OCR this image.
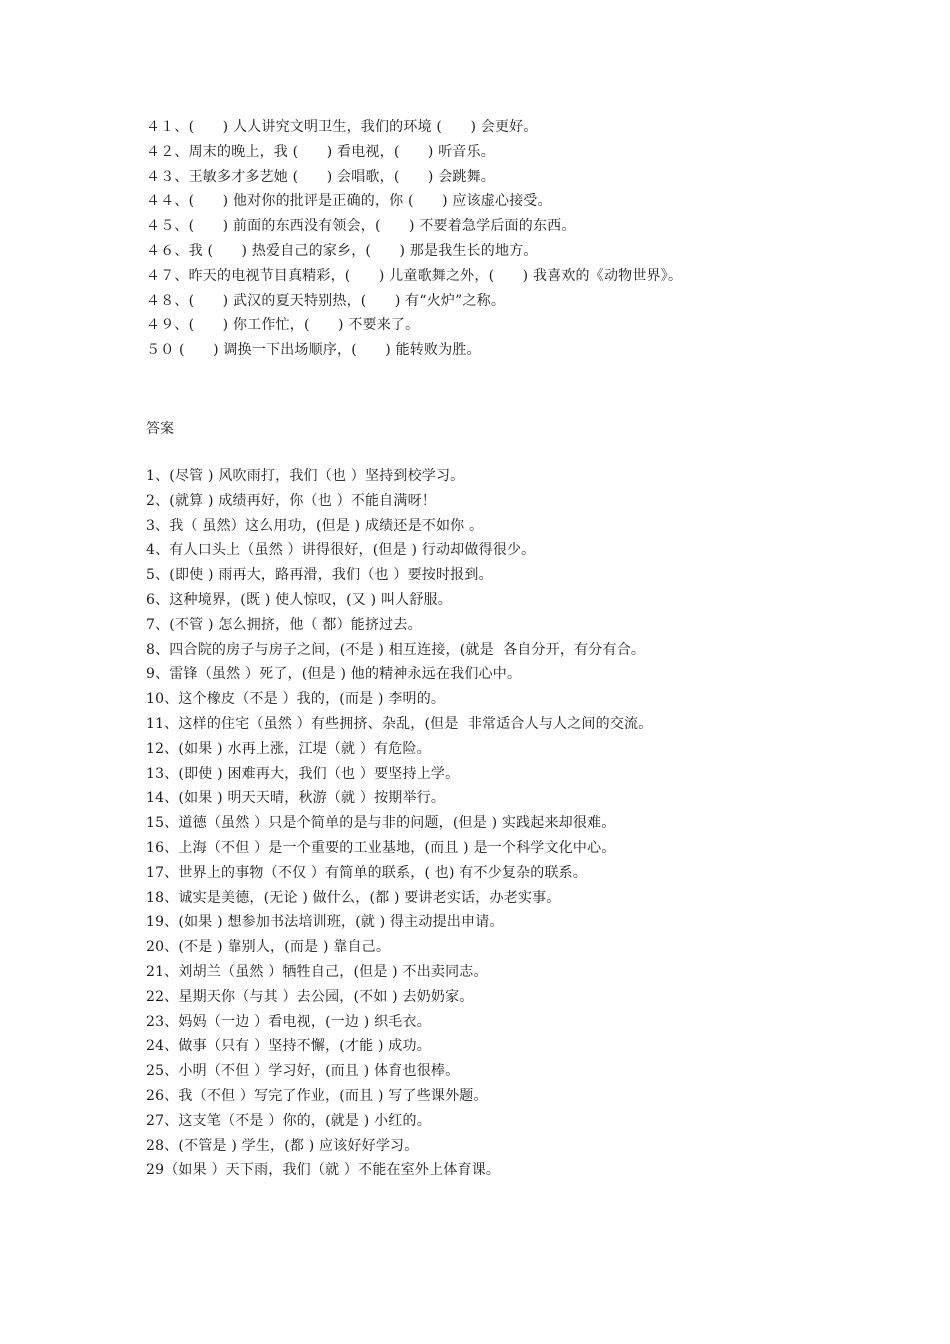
４１、(　　) 人人讲究文明卫生，我们的环境 (　　) 会更好。
４２、周末的晚上，我 (　　) 看电视，(　　) 听音乐。
４３、王敏多才多艺她 (　　) 会唱歌，(　　) 会跳舞。
４４、(　　) 他对你的批评是正确的，你 (　　) 应该虚心接受。
４５、(　　) 前面的东西没有领会，(　　) 不要着急学后面的东西。
４６、我 (　　) 热爱自己的家乡，(　　) 那是我生长的地方。
４７、昨天的电视节目真精彩，(　　) 儿童歌舞之外，(　　) 我喜欢的《动物世界》。
４８、(　　) 武汉的夏天特别热，(　　) 有“火炉”之称。
４９、(　　) 你工作忙，(　　) 不要来了。
５０ (　　) 调换一下出场顺序，(　　) 能转败为胜。
答案
1、(尽管 ) 风吹雨打，我们（也 ）坚持到校学习。
2、(就算 ) 成绩再好，你（也 ）不能自满呀！
3、我（ 虽然）这么用功，(但是 ) 成绩还是不如你 。
4、有人口头上（虽然 ）讲得很好，(但是 ) 行动却做得很少。
5、(即使 ) 雨再大，路再滑，我们（也 ）要按时报到。
6、这种境界，(既 ) 使人惊叹，(又 ) 叫人舒服。
7、(不管 ) 怎么拥挤，他（ 都）能挤过去。
8、四合院的房子与房子之间，(不是 ) 相互连接，(就是  各自分开，有分有合。
9、雷锋（虽然 ）死了，(但是 ) 他的精神永远在我们心中。
10、这个橡皮（不是 ）我的，(而是 ) 李明的。
11、这样的住宅（虽然 ）有些拥挤、杂乱，(但是  非常适合人与人之间的交流。
12、(如果 ) 水再上涨，江堤（就 ）有危险。
13、(即使 ) 困难再大，我们（也 ）要坚持上学。
14、(如果 ) 明天天晴，秋游（就 ）按期举行。
15、道德（虽然 ）只是个简单的是与非的问题，(但是 ) 实践起来却很难。
16、上海（不但 ）是一个重要的工业基地，(而且 ) 是一个科学文化中心。
17、世界上的事物（不仅 ）有简单的联系，( 也) 有不少复杂的联系。
18、诚实是美德，(无论 ) 做什么，(都 ) 要讲老实话，办老实事。
19、(如果 ) 想参加书法培训班，(就 ) 得主动提出申请。
20、(不是 ) 靠别人，(而是 ) 靠自己。
21、刘胡兰（虽然 ）牺牲自己，(但是 ) 不出卖同志。
22、星期天你（与其 ）去公园，(不如 ) 去奶奶家。
23、妈妈（一边 ）看电视，(一边 ) 织毛衣。
24、做事（只有 ）坚持不懈，(才能 ) 成功。
25、小明（不但 ）学习好，(而且 ) 体育也很棒。
26、我（不但 ）写完了作业，(而且 ) 写了些课外题。
27、这支笔（不是 ）你的，(就是 ) 小红的。
28、(不管是 ) 学生，(都 ) 应该好好学习。
29（如果 ）天下雨，我们（就 ）不能在室外上体育课。
